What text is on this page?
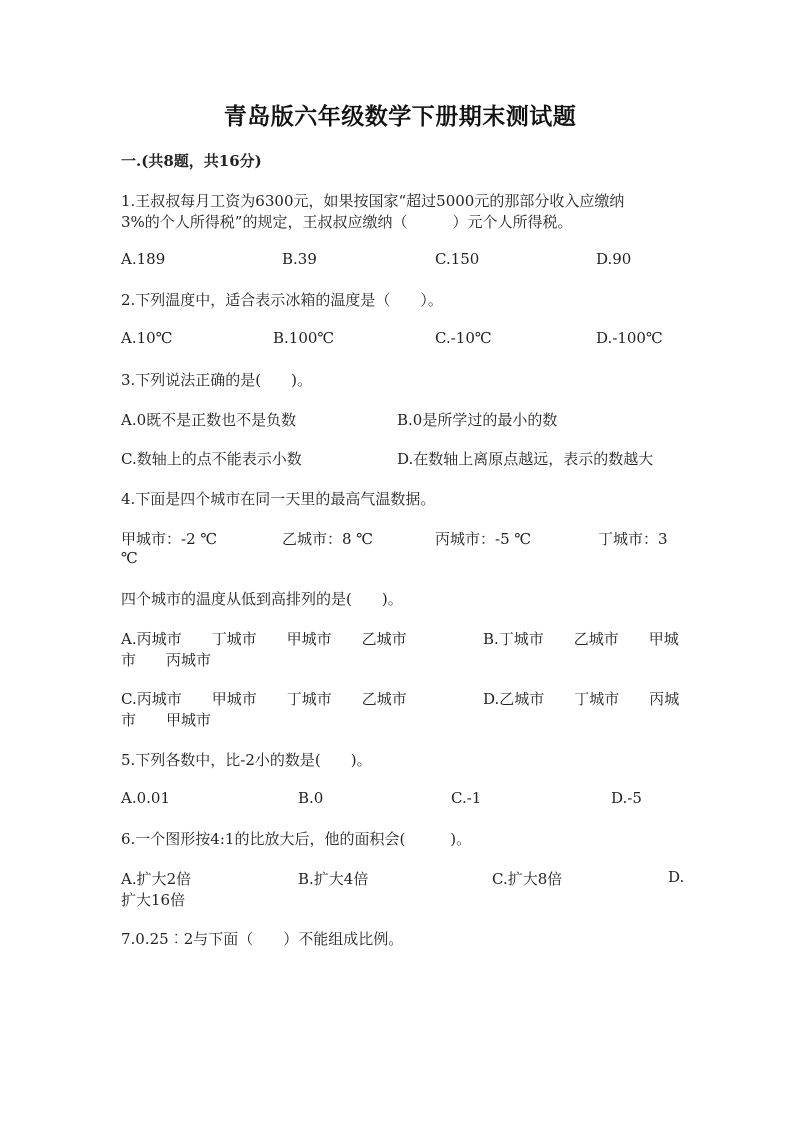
青岛版六年级数学下册期末测试题
一.(共8题，共16分)
1.王叔叔每月工资为6300元，如果按国家“超过5000元的那部分收入应缴纳
3%的个人所得税”的规定，王叔叔应缴纳（　　　）元个人所得税。
A.189	B.39	C.150	D.90
2.下列温度中，适合表示冰箱的温度是（　　）。
A.10℃	B.100℃	C.-10℃	D.-100℃
3.下列说法正确的是(　　)。
A.0既不是正数也不是负数	B.0是所学过的最小的数
C.数轴上的点不能表示小数	D.在数轴上离原点越远，表示的数越大
4.下面是四个城市在同一天里的最高气温数据。
甲城市：-2 ℃	乙城市：8 ℃	丙城市：-5 ℃	丁城市：3
℃
四个城市的温度从低到高排列的是(　　)。
A.丙城市　　丁城市　　甲城市　　乙城市	B.丁城市　　乙城市　　甲城
市　　丙城市
C.丙城市　　甲城市　　丁城市　　乙城市	D.乙城市　　丁城市　　丙城
市　　甲城市
5.下列各数中，比-2小的数是(　　)。
A.0.01	B.0	C.-1	D.-5
6.一个图形按4:1的比放大后，他的面积会(　　　)。
A.扩大2倍	B.扩大4倍	C.扩大8倍	D.
扩大16倍
7.0.25︰2与下面（　　）不能组成比例。
